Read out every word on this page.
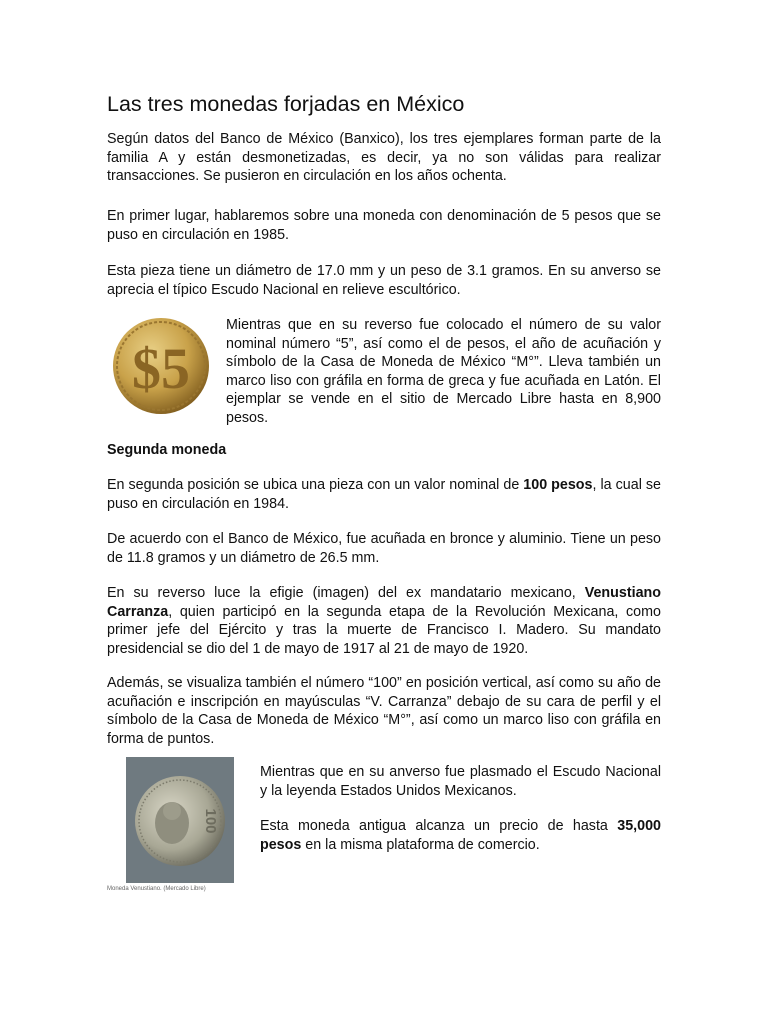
Las tres monedas forjadas en México

Según datos del Banco de México (Banxico), los tres ejemplares forman parte de la familia A y están desmonetizadas, es decir, ya no son válidas para realizar transacciones. Se pusieron en circulación en los años ochenta.

En primer lugar, hablaremos sobre una moneda con denominación de 5 pesos que se puso en circulación en 1985.

Esta pieza tiene un diámetro de 17.0 mm y un peso de 3.1 gramos. En su anverso se aprecia el típico Escudo Nacional en relieve escultórico.

$5

Mientras que en su reverso fue colocado el número de su valor nominal número “5”, así como el de pesos, el año de acuñación y símbolo de la Casa de Moneda de México “M°”. Lleva también un marco liso con gráfila en forma de greca y fue acuñada en Latón. El ejemplar se vende en el sitio de Mercado Libre hasta en 8,900 pesos.

Segunda moneda

En segunda posición se ubica una pieza con un valor nominal de 100 pesos, la cual se puso en circulación en 1984.

De acuerdo con el Banco de México, fue acuñada en bronce y aluminio. Tiene un peso de 11.8 gramos y un diámetro de 26.5 mm.

En su reverso luce la efigie (imagen) del ex mandatario mexicano, Venustiano Carranza, quien participó en la segunda etapa de la Revolución Mexicana, como primer jefe del Ejército y tras la muerte de Francisco I. Madero. Su mandato presidencial se dio del 1 de mayo de 1917 al 21 de mayo de 1920.

Además, se visualiza también el número “100” en posición vertical, así como su año de acuñación e inscripción en mayúsculas “V. Carranza” debajo de su cara de perfil y el símbolo de la Casa de Moneda de México “M°”, así como un marco liso con gráfila en forma de puntos.

100
Moneda Venustiano. (Mercado Libre)

Mientras que en su anverso fue plasmado el Escudo Nacional y la leyenda Estados Unidos Mexicanos.

Esta moneda antigua alcanza un precio de hasta 35,000 pesos en la misma plataforma de comercio.
